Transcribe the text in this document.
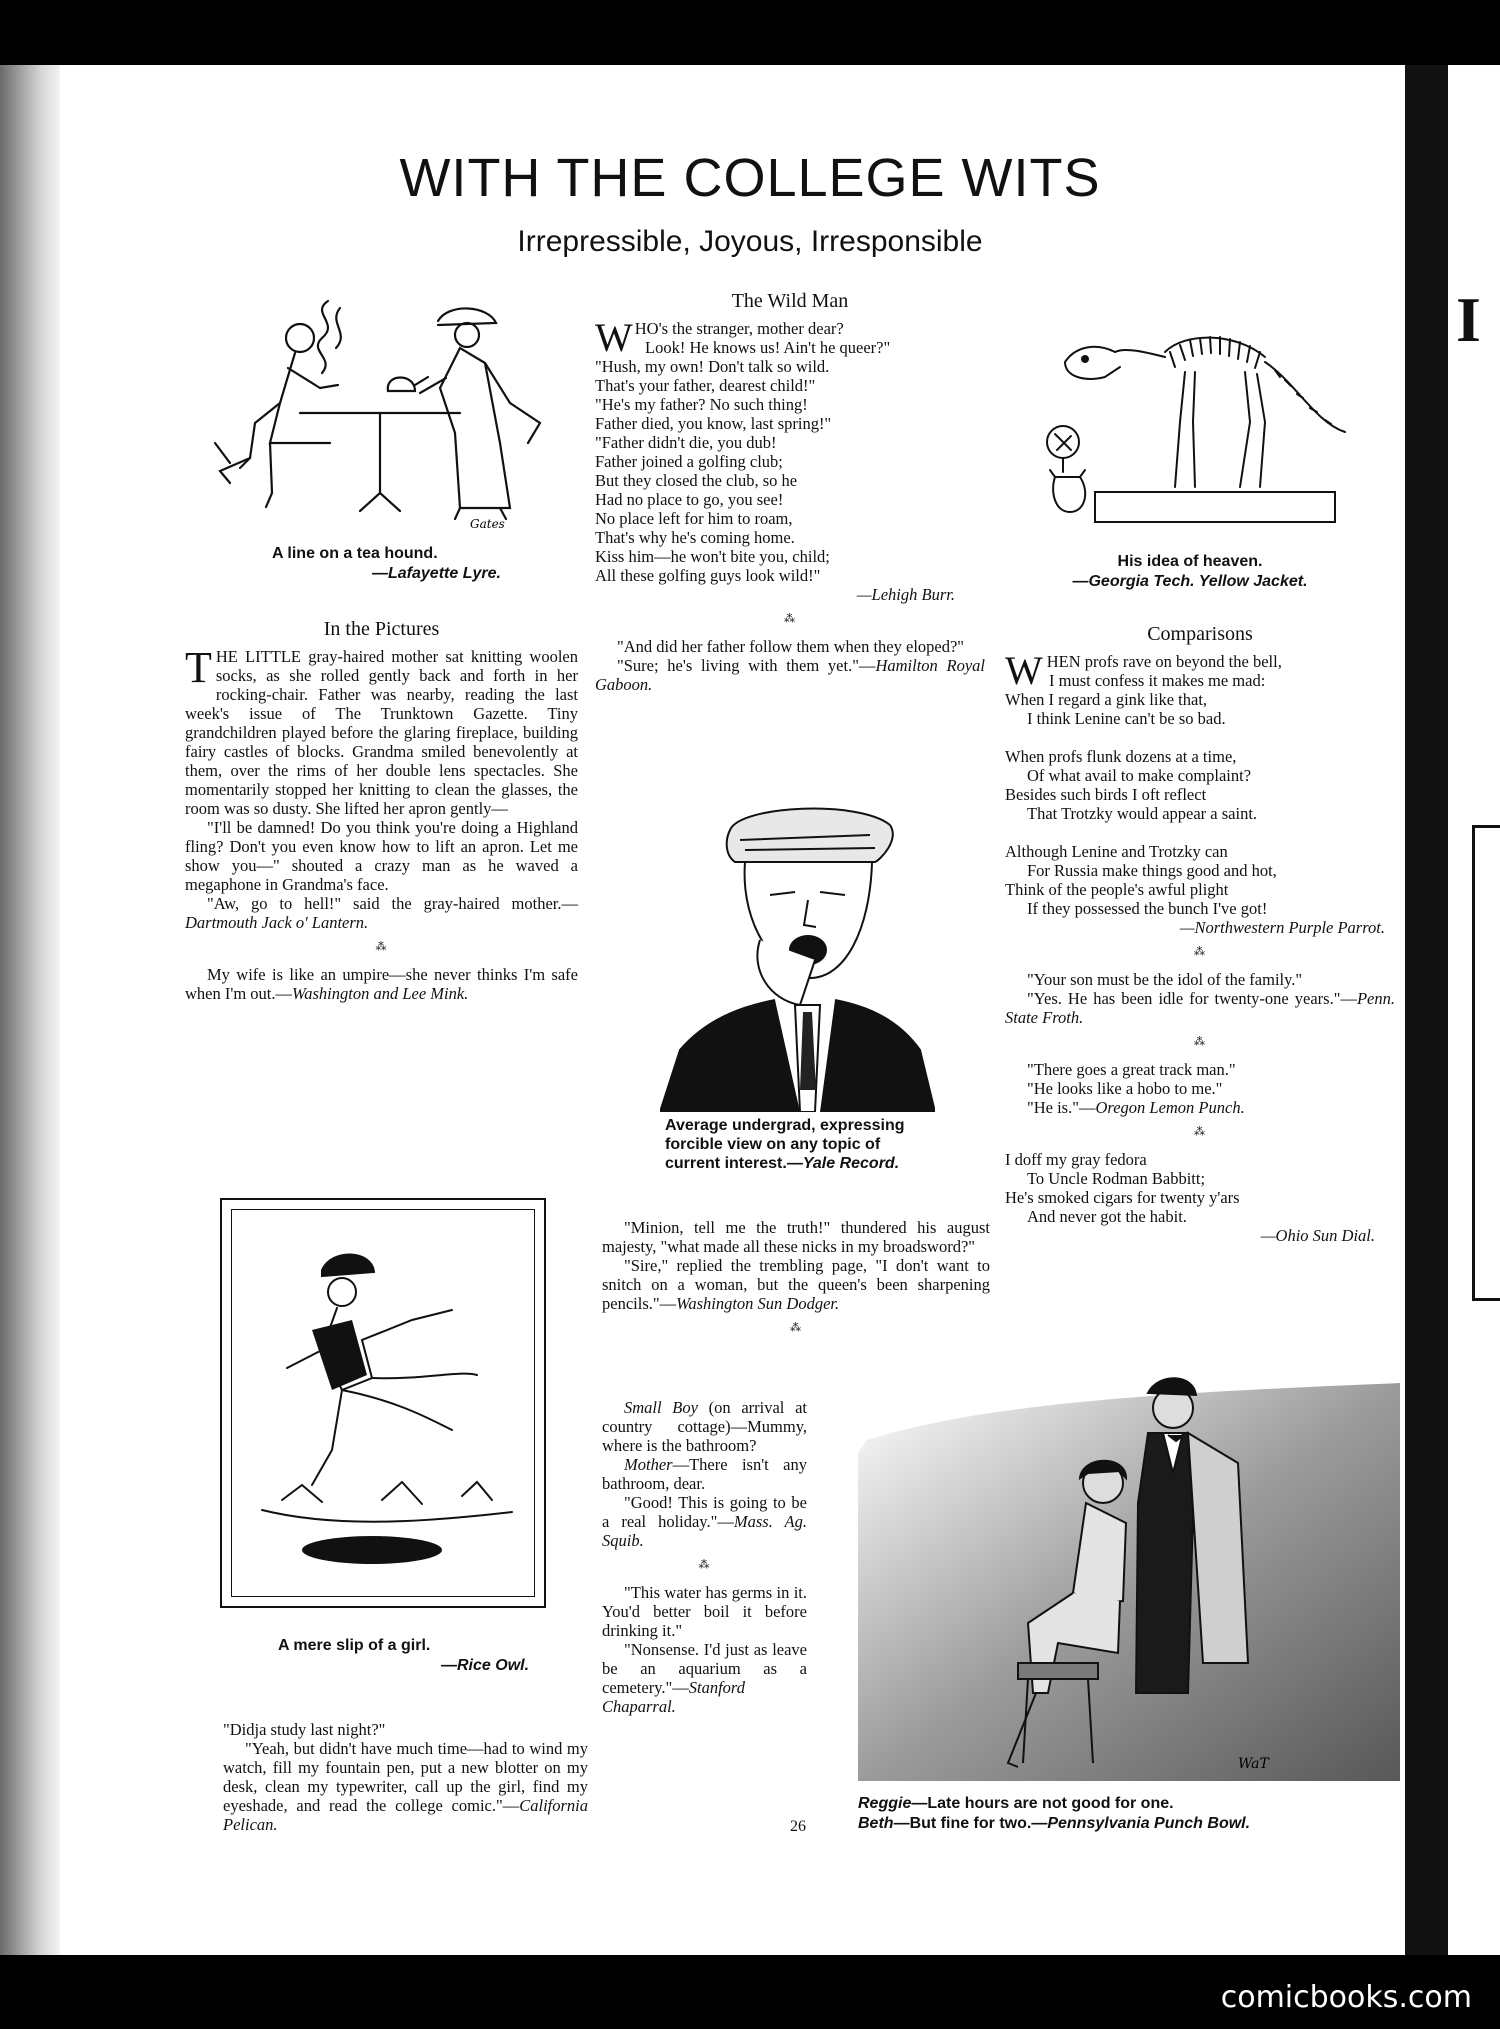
WITH THE COLLEGE WITS
Irrepressible, Joyous, Irresponsible
Gates
A line on a tea hound.
—Lafayette Lyre.
In the Pictures

THE LITTLE gray-haired mother sat knitting woolen socks, as she rolled gently back and forth in her rocking-chair. Father was nearby, reading the last week's issue of The Trunktown Gazette. Tiny grandchildren played before the glaring fireplace, building fairy castles of blocks. Grandma smiled benevolently at them, over the rims of her double lens spectacles. She momentarily stopped her knitting to clean the glasses, the room was so dusty. She lifted her apron gently—

"I'll be damned! Do you think you're doing a Highland fling? Don't you even know how to lift an apron. Let me show you—" shouted a crazy man as he waved a megaphone in Grandma's face.

"Aw, go to hell!" said the gray-haired mother.—Dartmouth Jack o' Lantern.

⁂

My wife is like an umpire—she never thinks I'm safe when I'm out.—Washington and Lee Mink.

A mere slip of a girl.
—Rice Owl.

"Didja study last night?"

"Yeah, but didn't have much time—had to wind my watch, fill my fountain pen, put a new blotter on my desk, clean my typewriter, call up the girl, find my eyeshade, and read the college comic."—California Pelican.

The Wild Man
WHO's the stranger, mother dear?
Look! He knows us! Ain't he queer?"
"Hush, my own! Don't talk so wild.
That's your father, dearest child!"
"He's my father? No such thing!
Father died, you know, last spring!"
"Father didn't die, you dub!
Father joined a golfing club;
But they closed the club, so he
Had no place to go, you see!
No place left for him to roam,
That's why he's coming home.
Kiss him—he won't bite you, child;
All these golfing guys look wild!"
—Lehigh Burr.
⁂

"And did her father follow them when they eloped?"

"Sure; he's living with them yet."—Hamilton Royal Gaboon.

Average undergrad, expressing forcible view on any topic of current interest.—Yale Record.

"Minion, tell me the truth!" thundered his august majesty, "what made all these nicks in my broadsword?"

"Sire," replied the trembling page, "I don't want to snitch on a woman, but the queen's been sharpening pencils."—Washington Sun Dodger.

⁂

Small Boy (on arrival at country cottage)—Mummy, where is the bathroom?

Mother—There isn't any bathroom, dear.

"Good! This is going to be a real holiday."—Mass. Ag. Squib.

⁂

"This water has germs in it. You'd better boil it before drinking it."

"Nonsense. I'd just as leave be an aquarium as a cemetery."—Stanford Chaparral.

His idea of heaven.
—Georgia Tech. Yellow Jacket.
Comparisons
WHEN profs rave on beyond the bell,
I must confess it makes me mad:
When I regard a gink like that,
I think Lenine can't be so bad.
When profs flunk dozens at a time,
Of what avail to make complaint?
Besides such birds I oft reflect
That Trotzky would appear a saint.
Although Lenine and Trotzky can
For Russia make things good and hot,
Think of the people's awful plight
If they possessed the bunch I've got!
—Northwestern Purple Parrot.
⁂

"Your son must be the idol of the family."

"Yes. He has been idle for twenty-one years."—Penn. State Froth.

⁂

"There goes a great track man."

"He looks like a hobo to me."

"He is."—Oregon Lemon Punch.

⁂
I doff my gray fedora
To Uncle Rodman Babbitt;
He's smoked cigars for twenty y'ars
And never got the habit.
—Ohio Sun Dial.
WaT
Reggie—Late hours are not good for one.
Beth—But fine for two.—Pennsylvania Punch Bowl.
26
I
comicbooks.com
